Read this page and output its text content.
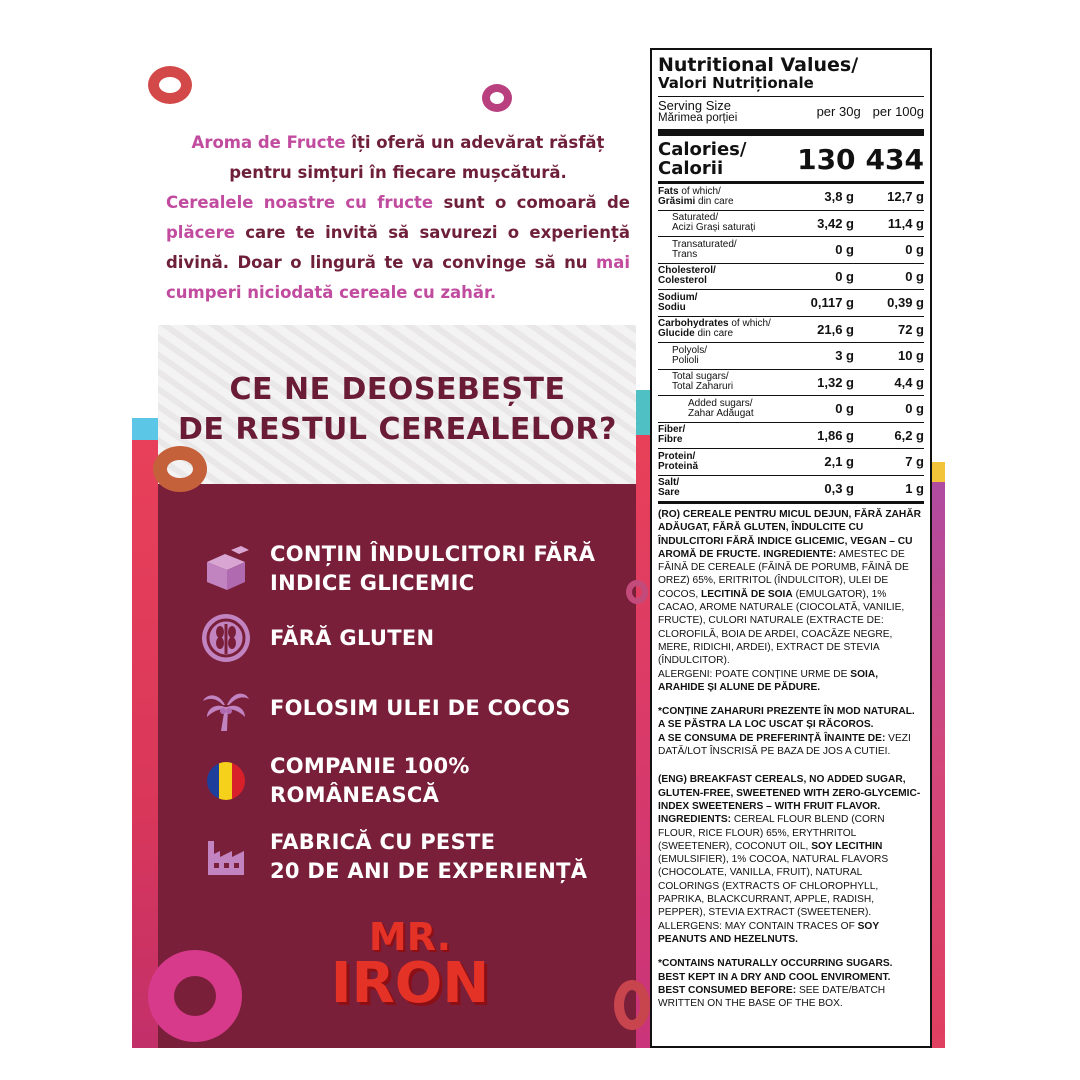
Aroma de Fructe îți oferă un adevărat răsfăț
pentru simțuri în fiecare mușcătură.
Cerealele noastre cu fructe sunt o comoară de plăcere care te invită să savurezi o experiență divină. Doar o lingură te va convinge să nu mai cumperi niciodată cereale cu zahăr.
CE NE DEOSEBEȘTE
DE RESTUL CEREALELOR?
CONȚIN ÎNDULCITORI FĂRĂ
INDICE GLICEMIC
FĂRĂ GLUTEN
FOLOSIM ULEI DE COCOS
COMPANIE 100%
ROMÂNEASCĂ
FABRICĂ CU PESTE
20 DE ANI DE EXPERIENȚĂ
MR.
IRON
Nutritional Values/
Valori Nutriționale
Serving Size
Mărimea porției	per 30g per 100g
Calories/
Calorii	130 434
Fats of which/
Grăsimi din care	3,8 g	12,7 g
Saturated/
Acizi Grași saturați	3,42 g	11,4 g
Transaturated/
Trans	0 g	0 g
Cholesterol/
Colesterol	0 g	0 g
Sodium/
Sodiu	0,117 g	0,39 g
Carbohydrates of which/
Glucide din care	21,6 g	72 g
Polyols/
Polioli	3 g	10 g
Total sugars/
Total Zaharuri	1,32 g	4,4 g
Added sugars/
Zahar Adăugat	0 g	0 g
Fiber/
Fibre	1,86 g	6,2 g
Protein/
Proteină	2,1 g	7 g
Salt/
Sare	0,3 g	1 g

(RO) CEREALE PENTRU MICUL DEJUN, FĂRĂ ZAHĂR ADĂUGAT, FĂRĂ GLUTEN, ÎNDULCITE CU ÎNDULCITORI FĂRĂ INDICE GLICEMIC, VEGAN – CU AROMĂ DE FRUCTE. INGREDIENTE: AMESTEC DE FĂINĂ DE CEREALE (FĂINĂ DE PORUMB, FĂINĂ DE OREZ) 65%, ERITRITOL (ÎNDULCITOR), ULEI DE COCOS, LECITINĂ DE SOIA (EMULGATOR), 1% CACAO, AROME NATURALE (CIOCOLATĂ, VANILIE, FRUCTE), CULORI NATURALE (EXTRACTE DE: CLOROFILĂ, BOIA DE ARDEI, COACĂZE NEGRE, MERE, RIDICHI, ARDEI), EXTRACT DE STEVIA (ÎNDULCITOR).
ALERGENI: POATE CONȚINE URME DE SOIA, ARAHIDE ȘI ALUNE DE PĂDURE.

*CONȚINE ZAHARURI PREZENTE ÎN MOD NATURAL.
A SE PĂSTRA LA LOC USCAT ȘI RĂCOROS.
A SE CONSUMA DE PREFERINȚĂ ÎNAINTE DE: VEZI DATĂ/LOT ÎNSCRISĂ PE BAZA DE JOS A CUTIEI.

(ENG) BREAKFAST CEREALS, NO ADDED SUGAR, GLUTEN-FREE, SWEETENED WITH ZERO-GLYCEMIC-INDEX SWEETENERS – WITH FRUIT FLAVOR. INGREDIENTS: CEREAL FLOUR BLEND (CORN FLOUR, RICE FLOUR) 65%, ERYTHRITOL (SWEETENER), COCONUT OIL, SOY LECITHIN (EMULSIFIER), 1% COCOA, NATURAL FLAVORS (CHOCOLATE, VANILLA, FRUIT), NATURAL COLORINGS (EXTRACTS OF CHLOROPHYLL, PAPRIKA, BLACKCURRANT, APPLE, RADISH, PEPPER), STEVIA EXTRACT (SWEETENER).
ALLERGENS: MAY CONTAIN TRACES OF SOY PEANUTS AND HEZELNUTS.

*CONTAINS NATURALLY OCCURRING SUGARS.
BEST KEPT IN A DRY AND COOL ENVIROMENT.
BEST CONSUMED BEFORE: SEE DATE/BATCH WRITTEN ON THE BASE OF THE BOX.
